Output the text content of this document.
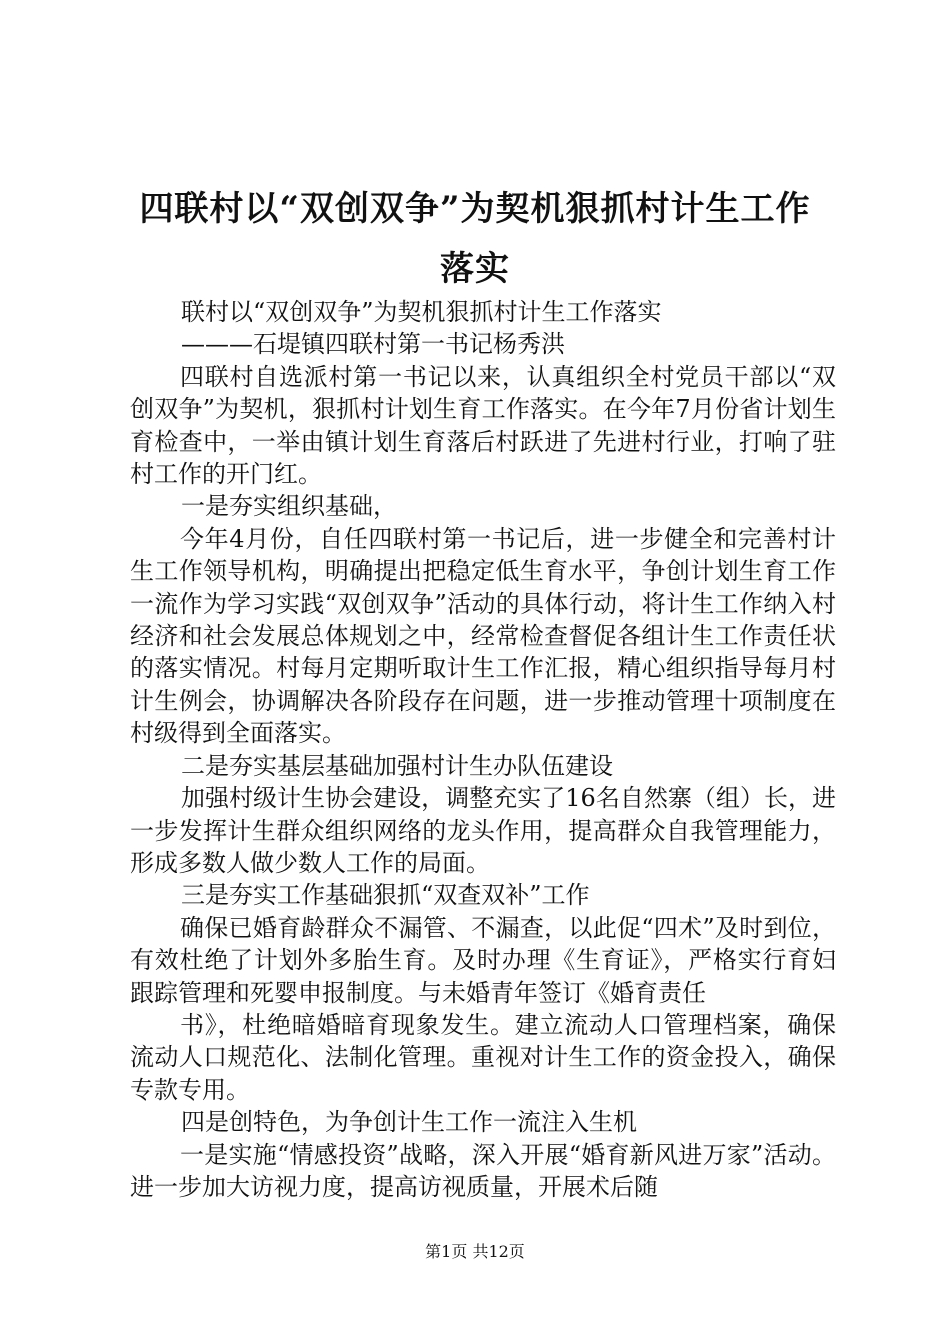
四联村以“双创双争”为契机狠抓村计生工作
落实

联村以“双创双争”为契机狠抓村计生工作落实

———石堤镇四联村第一书记杨秀洪

四联村自选派村第一书记以来，认真组织全村党员干部以“双创双争”为契机，狠抓村计划生育工作落实。在今年7月份省计划生育检查中，一举由镇计划生育落后村跃进了先进村行业，打响了驻村工作的开门红。

一是夯实组织基础，

今年4月份，自任四联村第一书记后，进一步健全和完善村计生工作领导机构，明确提出把稳定低生育水平，争创计划生育工作一流作为学习实践“双创双争”活动的具体行动，将计生工作纳入村经济和社会发展总体规划之中，经常检查督促各组计生工作责任状的落实情况。村每月定期听取计生工作汇报，精心组织指导每月村计生例会，协调解决各阶段存在问题，进一步推动管理十项制度在村级得到全面落实。

二是夯实基层基础加强村计生办队伍建设

加强村级计生协会建设，调整充实了16名自然寨（组）长，进一步发挥计生群众组织网络的龙头作用，提高群众自我管理能力，形成多数人做少数人工作的局面。

三是夯实工作基础狠抓“双查双补”工作

确保已婚育龄群众不漏管、不漏查，以此促“四术”及时到位，有效杜绝了计划外多胎生育。及时办理《生育证》，严格实行育妇跟踪管理和死婴申报制度。与未婚青年签订《婚育责任

书》，杜绝暗婚暗育现象发生。建立流动人口管理档案，确保流动人口规范化、法制化管理。重视对计生工作的资金投入，确保专款专用。

四是创特色，为争创计生工作一流注入生机

一是实施“情感投资”战略，深入开展“婚育新风进万家”活动。进一步加大访视力度，提高访视质量，开展术后随

第1页 共12页
